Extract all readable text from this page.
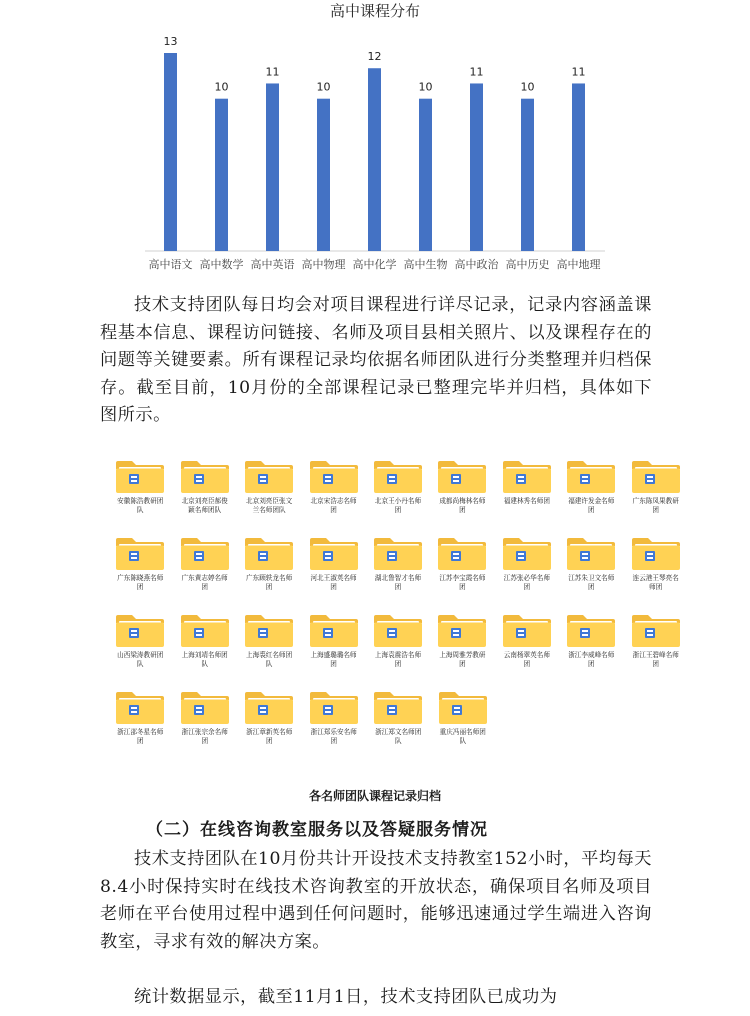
高中课程分布
13
高中语文
10
高中数学
11
高中英语
10
高中物理
12
高中化学
10
高中生物
11
高中政治
10
高中历史
11
高中地理

技术支持团队每日均会对项目课程进行详尽记录，记录内容涵盖课程基本信息、课程访问链接、名师及项目县相关照片、以及课程存在的问题等关键要素。所有课程记录均依据名师团队进行分类整理并归档保存。截至目前，10月份的全部课程记录已整理完毕并归档，具体如下图所示。

安徽陈浩教研团队
北京刘亮臣郝俊颖名师团队
北京刘亮臣张文兰名师团队
北京宋浩志名师团
北京王小丹名师团
成都尚梅林名师团
福建林秀名师团	福建许发金名师团
广东陈凤果教研团
广东陈晓燕名师团
广东黄志婷名师团
广东顾轶龙名师团
河北王淑英名师团
湖北鲁智才名师团
江苏李宝霞名师团
江苏张必华名师团
江苏朱卫文名师团
连云港王琴亮名师团
山西梁涛教研团队
上海刘靖名师团队
上海裘红名师团队
上海盛璐璐名师团
上海袁震浩名师团
上海周雅芳教研团
云南杨翠英名师团
浙江李威峰名师团
浙江王碧峰名师团
浙江邵冬星名师团
浙江张宗余名师团
浙江章新英名师团
浙江郑乐安名师团
浙江郑文名师团队
重庆冯丽名师团队

各名师团队课程记录归档

（二）在线咨询教室服务以及答疑服务情况

技术支持团队在10月份共计开设技术支持教室152小时，平均每天8.4小时保持实时在线技术咨询教室的开放状态，确保项目名师及项目老师在平台使用过程中遇到任何问题时，能够迅速通过学生端进入咨询教室，寻求有效的解决方案。

统计数据显示，截至11月1日，技术支持团队已成功为
